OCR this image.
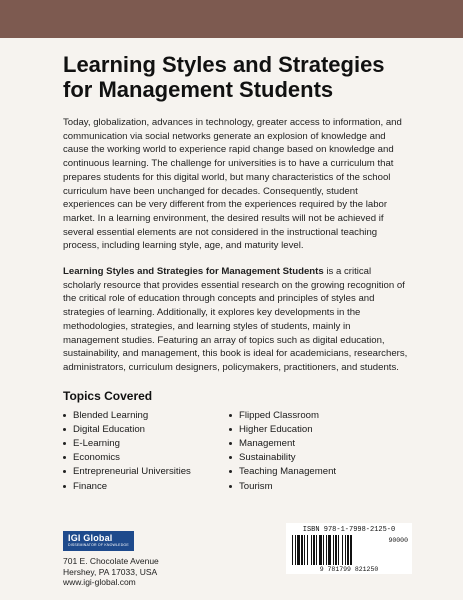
Learning Styles and Strategies
for Management Students

Today, globalization, advances in technology, greater access to information, and communication via social networks generate an explosion of knowledge and cause the working world to experience rapid change based on knowledge and continuous learning. The challenge for universities is to have a curriculum that prepares students for this digital world, but many characteristics of the school curriculum have been unchanged for decades. Consequently, student experiences can be very different from the experiences required by the labor market. In a learning environment, the desired results will not be achieved if several essential elements are not considered in the instructional teaching process, including learning style, age, and maturity level.

Learning Styles and Strategies for Management Students is a critical scholarly resource that provides essential research on the growing recognition of the critical role of education through concepts and principles of styles and strategies of learning. Additionally, it explores key developments in the methodologies, strategies, and learning styles of students, mainly in management studies. Featuring an array of topics such as digital education, sustainability, and management, this book is ideal for academicians, researchers, administrators, curriculum designers, policymakers, practitioners, and students.

Topics Covered
Blended Learning
Digital Education
E-Learning
Economics
Entrepreneurial Universities
Finance
Flipped Classroom
Higher Education
Management
Sustainability
Teaching Management
Tourism
IGI Global
DISSEMINATOR OF KNOWLEDGE
701 E. Chocolate Avenue
Hershey, PA 17033, USA
www.igi-global.com
ISBN 978-1-7998-2125-0
90000
9 781799 821250
